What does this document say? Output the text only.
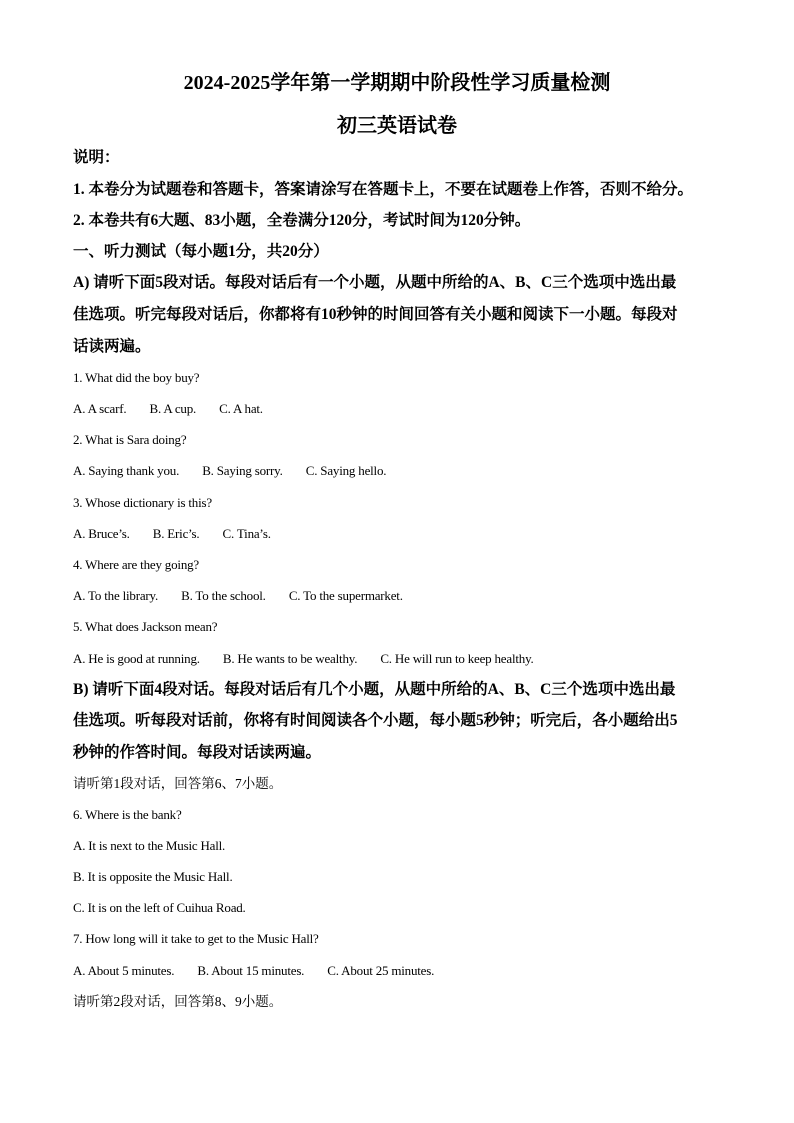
2024-2025学年第一学期期中阶段性学习质量检测
初三英语试卷
说明：
1. 本卷分为试题卷和答题卡，答案请涂写在答题卡上，不要在试题卷上作答，否则不给分。
2. 本卷共有6大题、83小题，全卷满分120分，考试时间为120分钟。
一、听力测试（每小题1分，共20分）
A) 请听下面5段对话。每段对话后有一个小题，从题中所给的A、B、C三个选项中选出最
佳选项。听完每段对话后，你都将有10秒钟的时间回答有关小题和阅读下一小题。每段对
话读两遍。
1. What did the boy buy?
A. A scarf. B. A cup. C. A hat.
2. What is Sara doing?
A. Saying thank you. B. Saying sorry. C. Saying hello.
3. Whose dictionary is this?
A. Bruce’s. B. Eric’s. C. Tina’s.
4. Where are they going?
A. To the library. B. To the school. C. To the supermarket.
5. What does Jackson mean?
A. He is good at running. B. He wants to be wealthy. C. He will run to keep healthy.
B) 请听下面4段对话。每段对话后有几个小题，从题中所给的A、B、C三个选项中选出最
佳选项。听每段对话前，你将有时间阅读各个小题，每小题5秒钟；听完后，各小题给出5
秒钟的作答时间。每段对话读两遍。
请听第1段对话，回答第6、7小题。
6. Where is the bank?
A. It is next to the Music Hall.
B. It is opposite the Music Hall.
C. It is on the left of Cuihua Road.
7. How long will it take to get to the Music Hall?
A. About 5 minutes. B. About 15 minutes. C. About 25 minutes.
请听第2段对话，回答第8、9小题。
